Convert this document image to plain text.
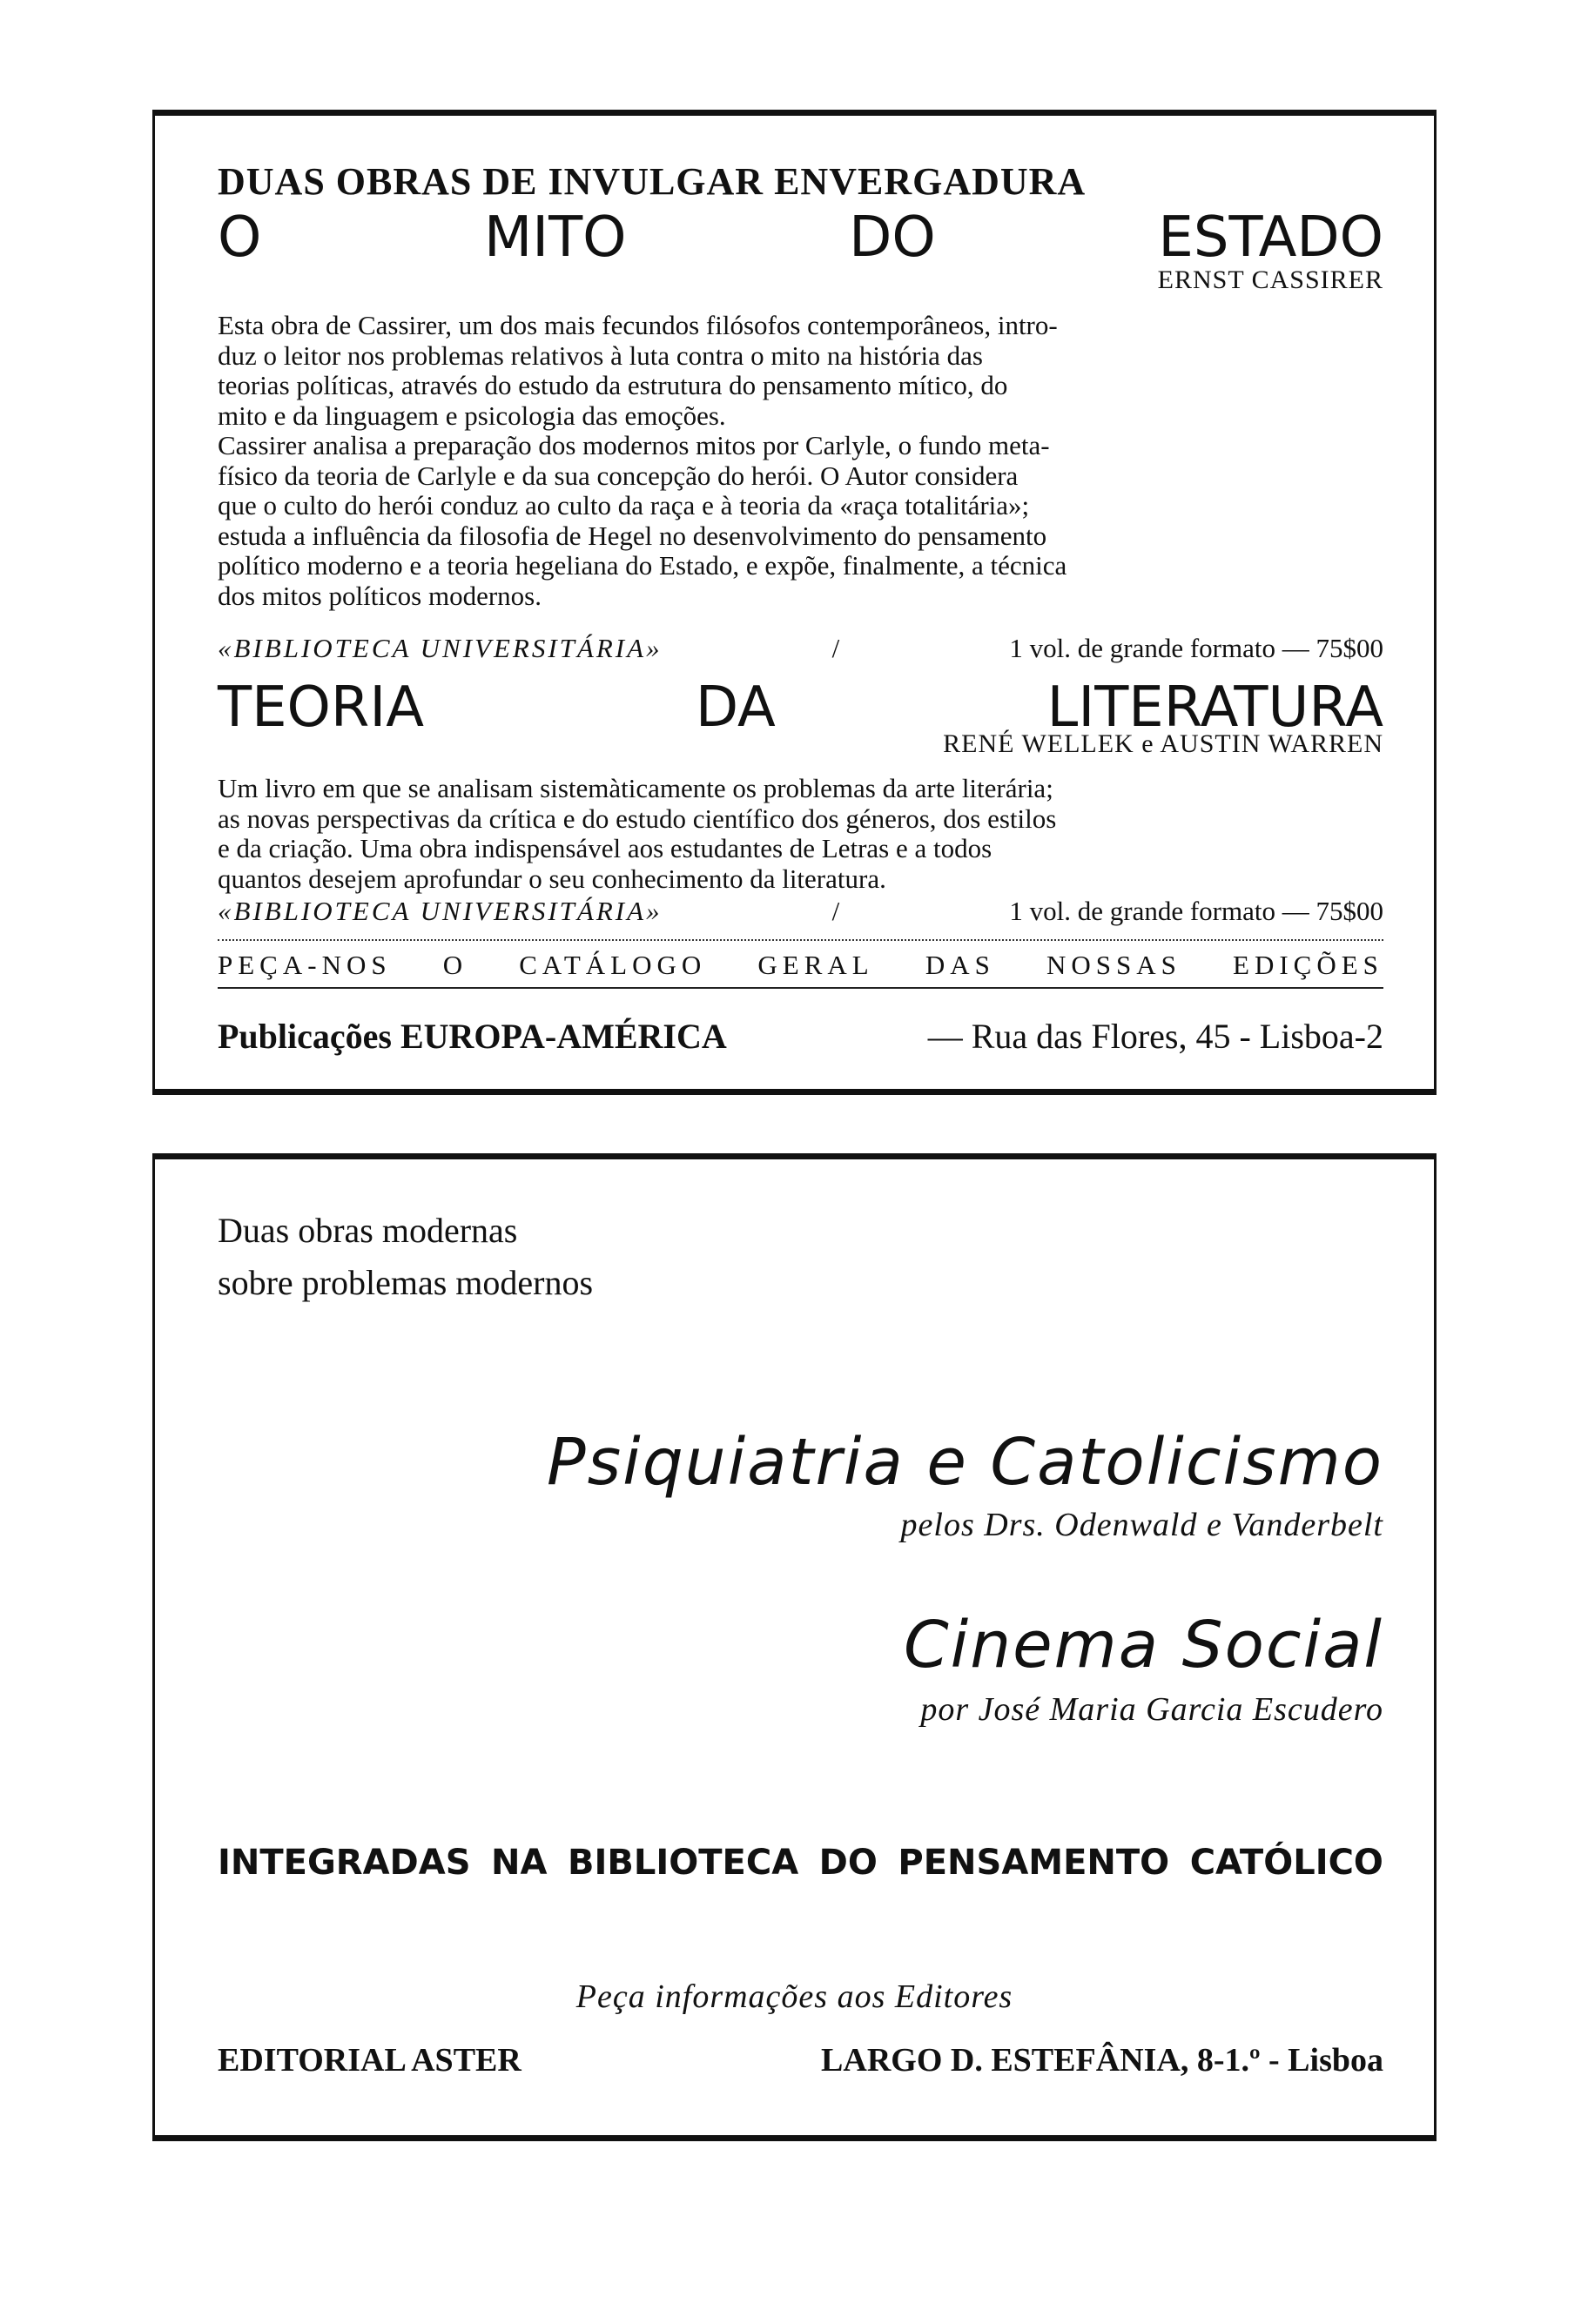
DUAS OBRAS DE INVULGAR ENVERGADURA
O	MITO	DO	ESTADO
ERNST CASSIRER
Esta obra de Cassirer, um dos mais fecundos filósofos contemporâneos, intro-
duz o leitor nos problemas relativos à luta contra o mito na história das
teorias políticas, através do estudo da estrutura do pensamento mítico, do
mito e da linguagem e psicologia das emoções.
Cassirer analisa a preparação dos modernos mitos por Carlyle, o fundo meta-
físico da teoria de Carlyle e da sua concepção do herói. O Autor considera
que o culto do herói conduz ao culto da raça e à teoria da «raça totalitária»;
estuda a influência da filosofia de Hegel no desenvolvimento do pensamento
político moderno e a teoria hegeliana do Estado, e expõe, finalmente, a técnica
dos mitos políticos modernos.
«BIBLIOTECA UNIVERSITÁRIA»	/	1 vol. de grande formato — 75$00
TEORIA	DA	LITERATURA
RENÉ WELLEK e AUSTIN WARREN
Um livro em que se analisam sistemàticamente os problemas da arte literária;
as novas perspectivas da crítica e do estudo científico dos géneros, dos estilos
e da criação. Uma obra indispensável aos estudantes de Letras e a todos
quantos desejem aprofundar o seu conhecimento da literatura.
«BIBLIOTECA UNIVERSITÁRIA»	/	1 vol. de grande formato — 75$00
PEÇA-NOS O CATÁLOGO GERAL DAS NOSSAS EDIÇÕES
Publicações EUROPA-AMÉRICA	— Rua das Flores, 45 - Lisboa-2
Duas obras modernas
sobre problemas modernos
Psiquiatria e Catolicismo
pelos Drs. Odenwald e Vanderbelt
Cinema Social
por José Maria Garcia Escudero
INTEGRADAS NA BIBLIOTECA DO PENSAMENTO CATÓLICO
Peça informações aos Editores
EDITORIAL ASTER	LARGO D. ESTEFÂNIA, 8-1.º - Lisboa
